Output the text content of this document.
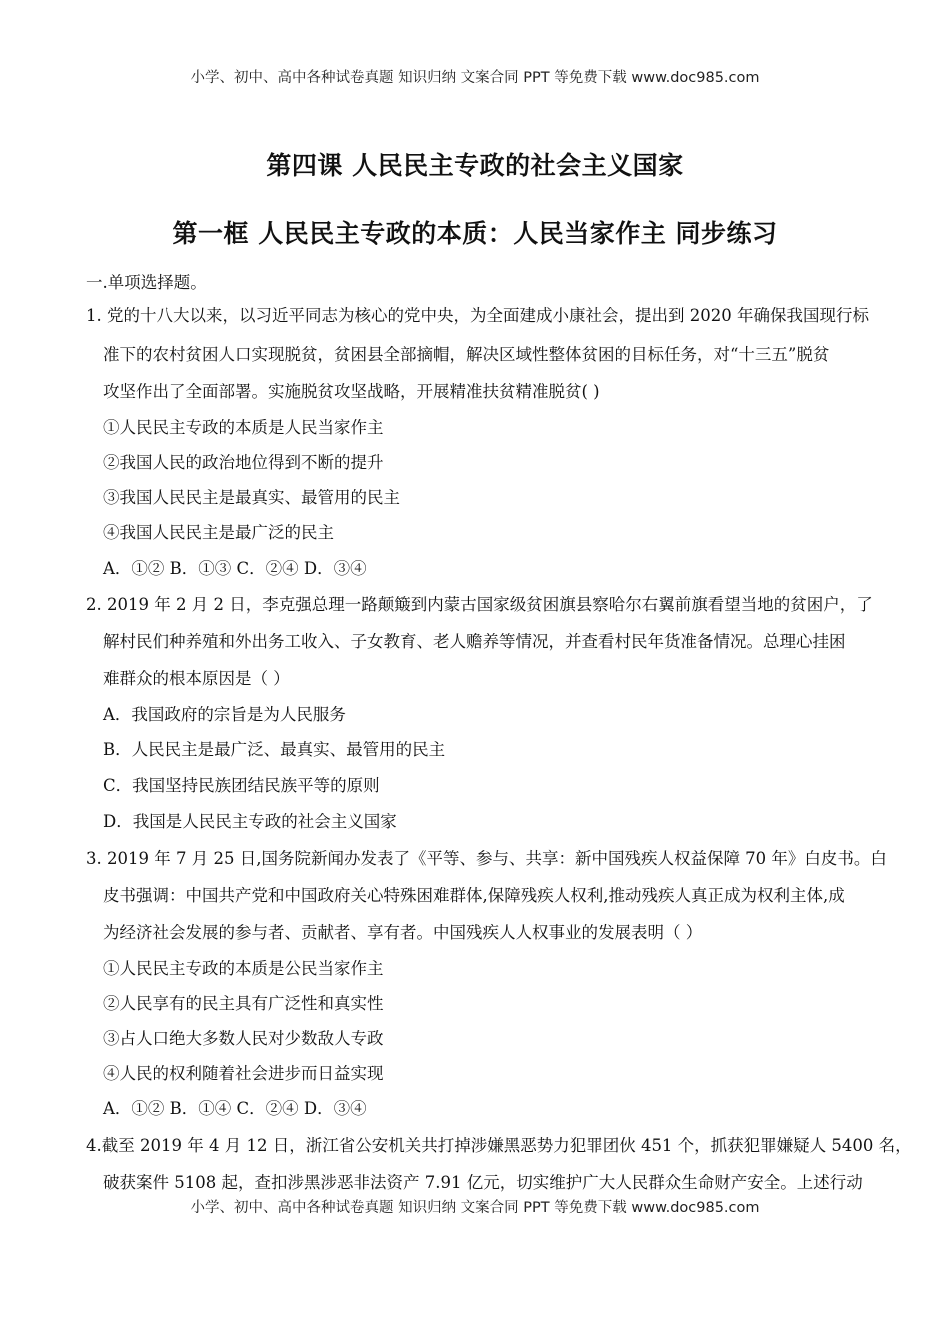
小学、初中、高中各种试卷真题 知识归纳 文案合同 PPT 等免费下载 www.doc985.com
第四课 人民民主专政的社会主义国家
第一框 人民民主专政的本质：人民当家作主 同步练习
一.单项选择题。
1. 党的十八大以来，以习近平同志为核心的党中央，为全面建成小康社会，提出到 2020 年确保我国现行标
准下的农村贫困人口实现脱贫，贫困县全部摘帽，解决区域性整体贫困的目标任务，对“十三五”脱贫
攻坚作出了全面部署。实施脱贫攻坚战略，开展精准扶贫精准脱贫( )
①人民民主专政的本质是人民当家作主
②我国人民的政治地位得到不断的提升
③我国人民民主是最真实、最管用的民主
④我国人民民主是最广泛的民主
A．①② B．①③ C．②④ D．③④
2. 2019 年 2 月 2 日，李克强总理一路颠簸到内蒙古国家级贫困旗县察哈尔右翼前旗看望当地的贫困户，了
解村民们种养殖和外出务工收入、子女教育、老人赡养等情况，并查看村民年货准备情况。总理心挂困
难群众的根本原因是（ ）
A．我国政府的宗旨是为人民服务
B．人民民主是最广泛、最真实、最管用的民主
C．我国坚持民族团结民族平等的原则
D．我国是人民民主专政的社会主义国家
3. 2019 年 7 月 25 日,国务院新闻办发表了《平等、参与、共享：新中国残疾人权益保障 70 年》白皮书。白
皮书强调：中国共产党和中国政府关心特殊困难群体,保障残疾人权利,推动残疾人真正成为权利主体,成
为经济社会发展的参与者、贡献者、享有者。中国残疾人人权事业的发展表明（ ）
①人民民主专政的本质是公民当家作主
②人民享有的民主具有广泛性和真实性
③占人口绝大多数人民对少数敌人专政
④人民的权利随着社会进步而日益实现
A．①② B．①④ C．②④ D．③④
4.截至 2019 年 4 月 12 日，浙江省公安机关共打掉涉嫌黑恶势力犯罪团伙 451 个，抓获犯罪嫌疑人 5400 名，
破获案件 5108 起，查扣涉黑涉恶非法资产 7.91 亿元，切实维护广大人民群众生命财产安全。上述行动
小学、初中、高中各种试卷真题 知识归纳 文案合同 PPT 等免费下载 www.doc985.com
